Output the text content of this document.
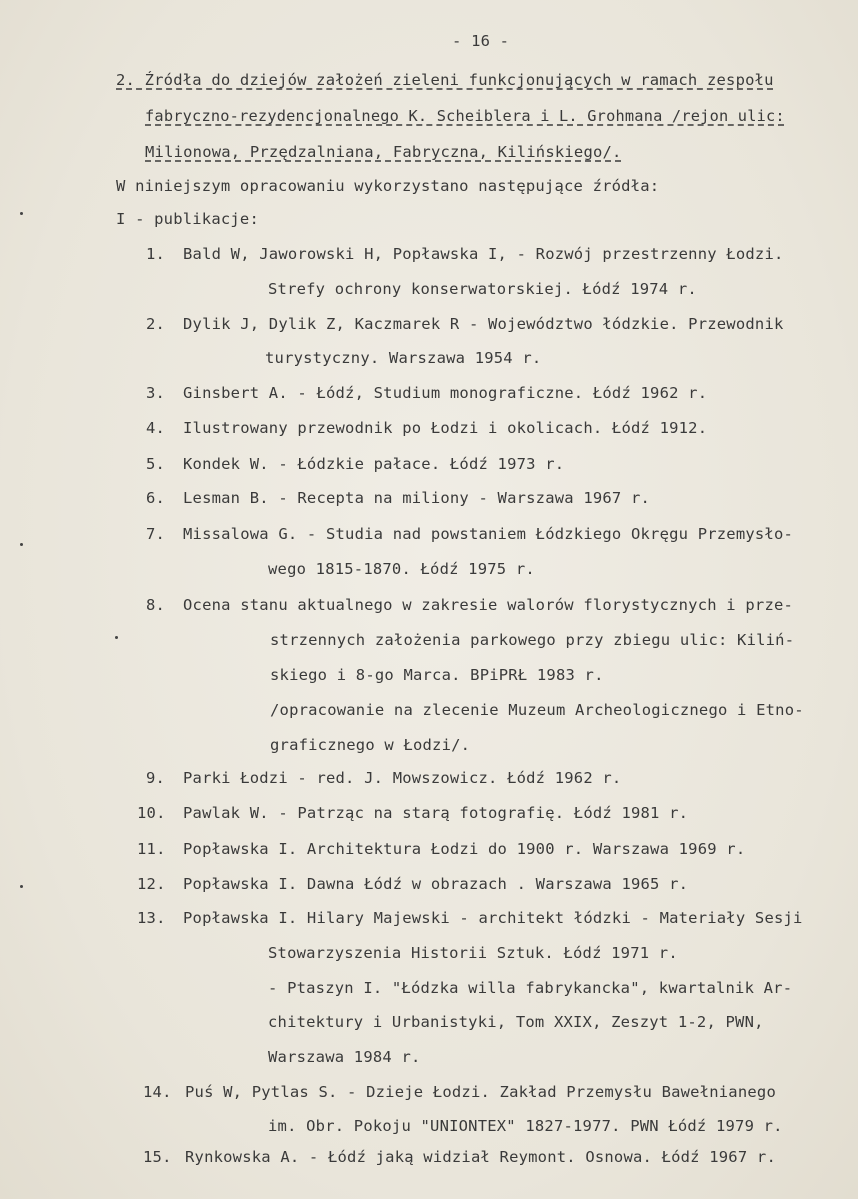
- 16 -
2. Źródła do dziejów założeń zieleni funkcjonujących w ramach zespołu
fabryczno-rezydencjonalnego K. Scheiblera i L. Grohmana /rejon ulic:
Milionowa, Przędzalniana, Fabryczna, Kilińskiego/.
W niniejszym opracowaniu wykorzystano następujące źródła:
I - publikacje:
1. Bald W, Jaworowski H, Popławska I, - Rozwój przestrzenny Łodzi.
Strefy ochrony konserwatorskiej. Łódź 1974 r.
2. Dylik J, Dylik Z, Kaczmarek R - Województwo łódzkie. Przewodnik
turystyczny. Warszawa 1954 r.
3. Ginsbert A. - Łódź, Studium monograficzne. Łódź 1962 r.
4. Ilustrowany przewodnik po Łodzi i okolicach. Łódź 1912.
5. Kondek W. - Łódzkie pałace. Łódź 1973 r.
6. Lesman B. - Recepta na miliony - Warszawa 1967 r.
7. Missalowa G. - Studia nad powstaniem Łódzkiego Okręgu Przemysło-
wego 1815-1870. Łódź 1975 r.
8. Ocena stanu aktualnego w zakresie walorów florystycznych i prze-
strzennych założenia parkowego przy zbiegu ulic: Kiliń-
skiego i 8-go Marca. BPiPRŁ 1983 r.
/opracowanie na zlecenie Muzeum Archeologicznego i Etno-
graficznego w Łodzi/.
9. Parki Łodzi - red. J. Mowszowicz. Łódź 1962 r.
10. Pawlak W. - Patrząc na starą fotografię. Łódź 1981 r.
11. Popławska I. Architektura Łodzi do 1900 r. Warszawa 1969 r.
12. Popławska I. Dawna Łódź w obrazach . Warszawa 1965 r.
13. Popławska I. Hilary Majewski - architekt łódzki - Materiały Sesji
Stowarzyszenia Historii Sztuk. Łódź 1971 r.
- Ptaszyn I. "Łódzka willa fabrykancka", kwartalnik Ar-
chitektury i Urbanistyki, Tom XXIX, Zeszyt 1-2, PWN,
Warszawa 1984 r.
14. Puś W, Pytlas S. - Dzieje Łodzi. Zakład Przemysłu Bawełnianego
im. Obr. Pokoju "UNIONTEX" 1827-1977. PWN Łódź 1979 r.
15. Rynkowska A. - Łódź jaką widział Reymont. Osnowa. Łódź 1967 r.
